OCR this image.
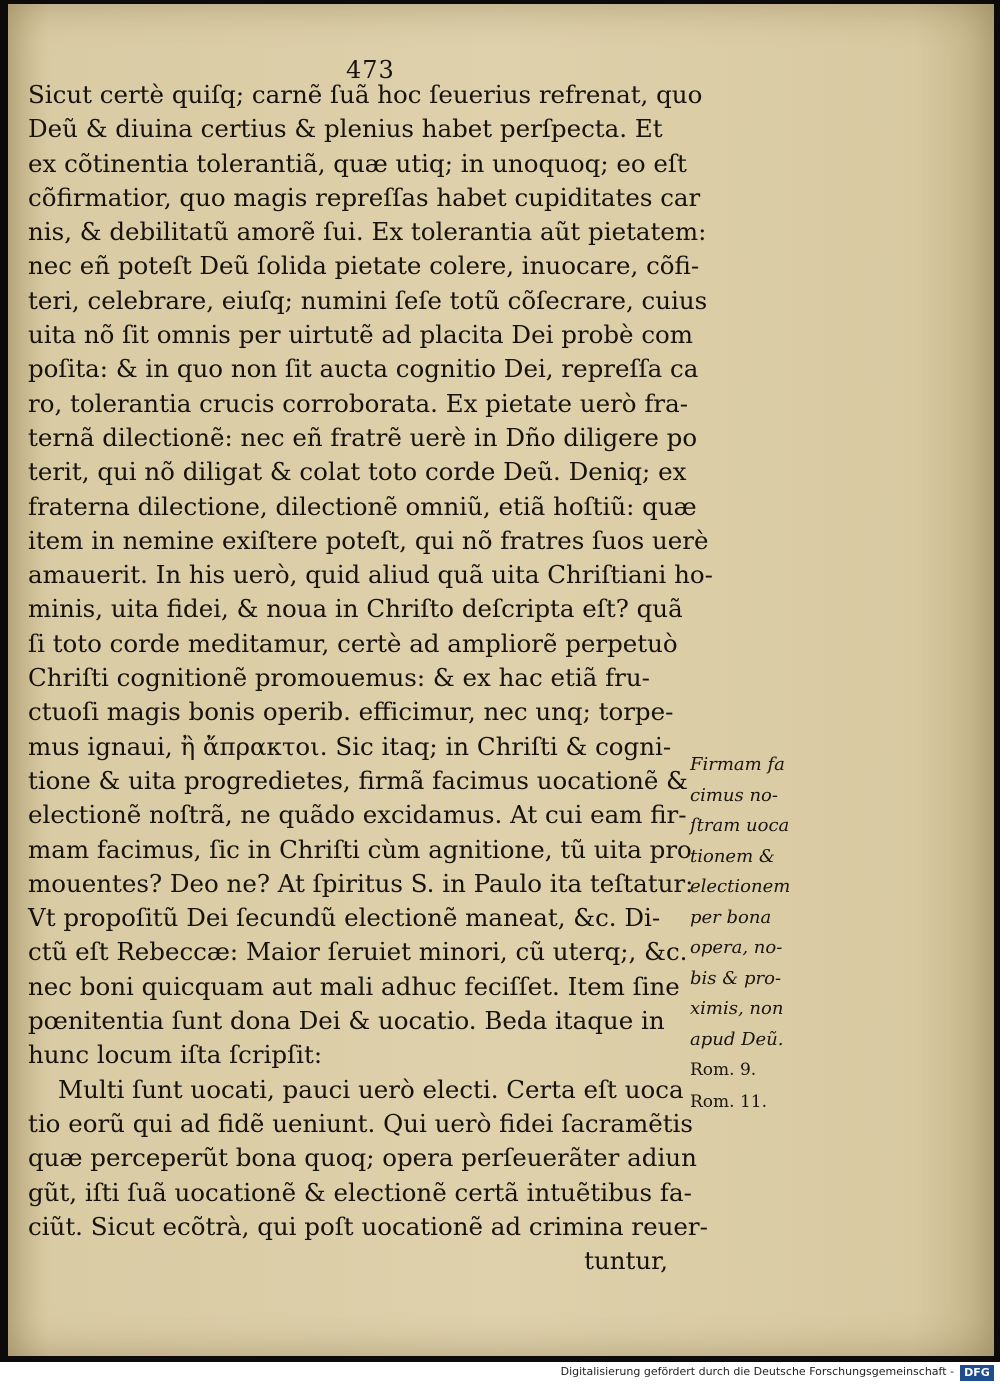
473
Sicut certè quiſq; carnẽ ſuã hoc ſeuerius refrenat, quo
Deũ & diuina certius & plenius habet perſpecta. Et
ex cõtinentia tolerantiã, quæ utiq; in unoquoq; eo eſt
cõfirmatior, quo magis repreſſas habet cupiditates car
nis, & debilitatũ amorẽ ſui. Ex tolerantia aũt pietatem:
nec eñ poteſt Deũ ſolida pietate colere, inuocare, cõfi-
teri, celebrare, eiuſq; numini ſeſe totũ cõſecrare, cuius
uita nõ ſit omnis per uirtutẽ ad placita Dei probè com
poſita: & in quo non ſit aucta cognitio Dei, repreſſa ca
ro, tolerantia crucis corroborata. Ex pietate uerò fra-
ternã dilectionẽ: nec eñ fratrẽ uerè in Dño diligere po
terit, qui nõ diligat & colat toto corde Deũ. Deniq; ex
fraterna dilectione, dilectionẽ omniũ, etiã hoſtiũ: quæ
item in nemine exiſtere poteſt, qui nõ fratres ſuos uerè
amauerit. In his uerò, quid aliud quã uita Chriſtiani ho-
minis, uita fidei, & noua in Chriſto deſcripta eſt? quã
ſi toto corde meditamur, certè ad ampliorẽ perpetuò
Chriſti cognitionẽ promouemus: & ex hac etiã fru-
ctuoſi magis bonis operib. efficimur, nec unq; torpe-
mus ignaui, ἢ ἄπρακτοι. Sic itaq; in Chriſti & cogni-
tione & uita progredietes, firmã facimus uocationẽ &
electionẽ noſtrã, ne quãdo excidamus. At cui eam fir-
mam facimus, ſic in Chriſti cùm agnitione, tũ uita pro
mouentes? Deo ne? At ſpiritus S. in Paulo ita teſtatur:
Vt propoſitũ Dei ſecundũ electionẽ maneat, &c. Di-
ctũ eſt Rebeccæ: Maior ſeruiet minori, cũ uterq;, &c.
nec boni quicquam aut mali adhuc feciſſet. Item ſine
pœnitentia ſunt dona Dei & uocatio. Beda itaque in
hunc locum iſta ſcripſit:
Multi ſunt uocati, pauci uerò electi. Certa eſt uoca
tio eorũ qui ad fidẽ ueniunt. Qui uerò fidei ſacramẽtis
quæ perceperũt bona quoq; opera perſeuerãter adiun
gũt, iſti ſuã uocationẽ & electionẽ certã intuẽtibus fa-
ciũt. Sicut ecõtrà, qui poſt uocationẽ ad crimina reuer-
tuntur,
Firmam fa
cimus no-
ſtram uoca
tionem &
electionem
per bona
opera, no-
bis & pro-
ximis, non
apud Deũ.
Rom. 9.
Rom. 11.
Digitalisierung gefördert durch die Deutsche Forschungsgemeinschaft - DFG
